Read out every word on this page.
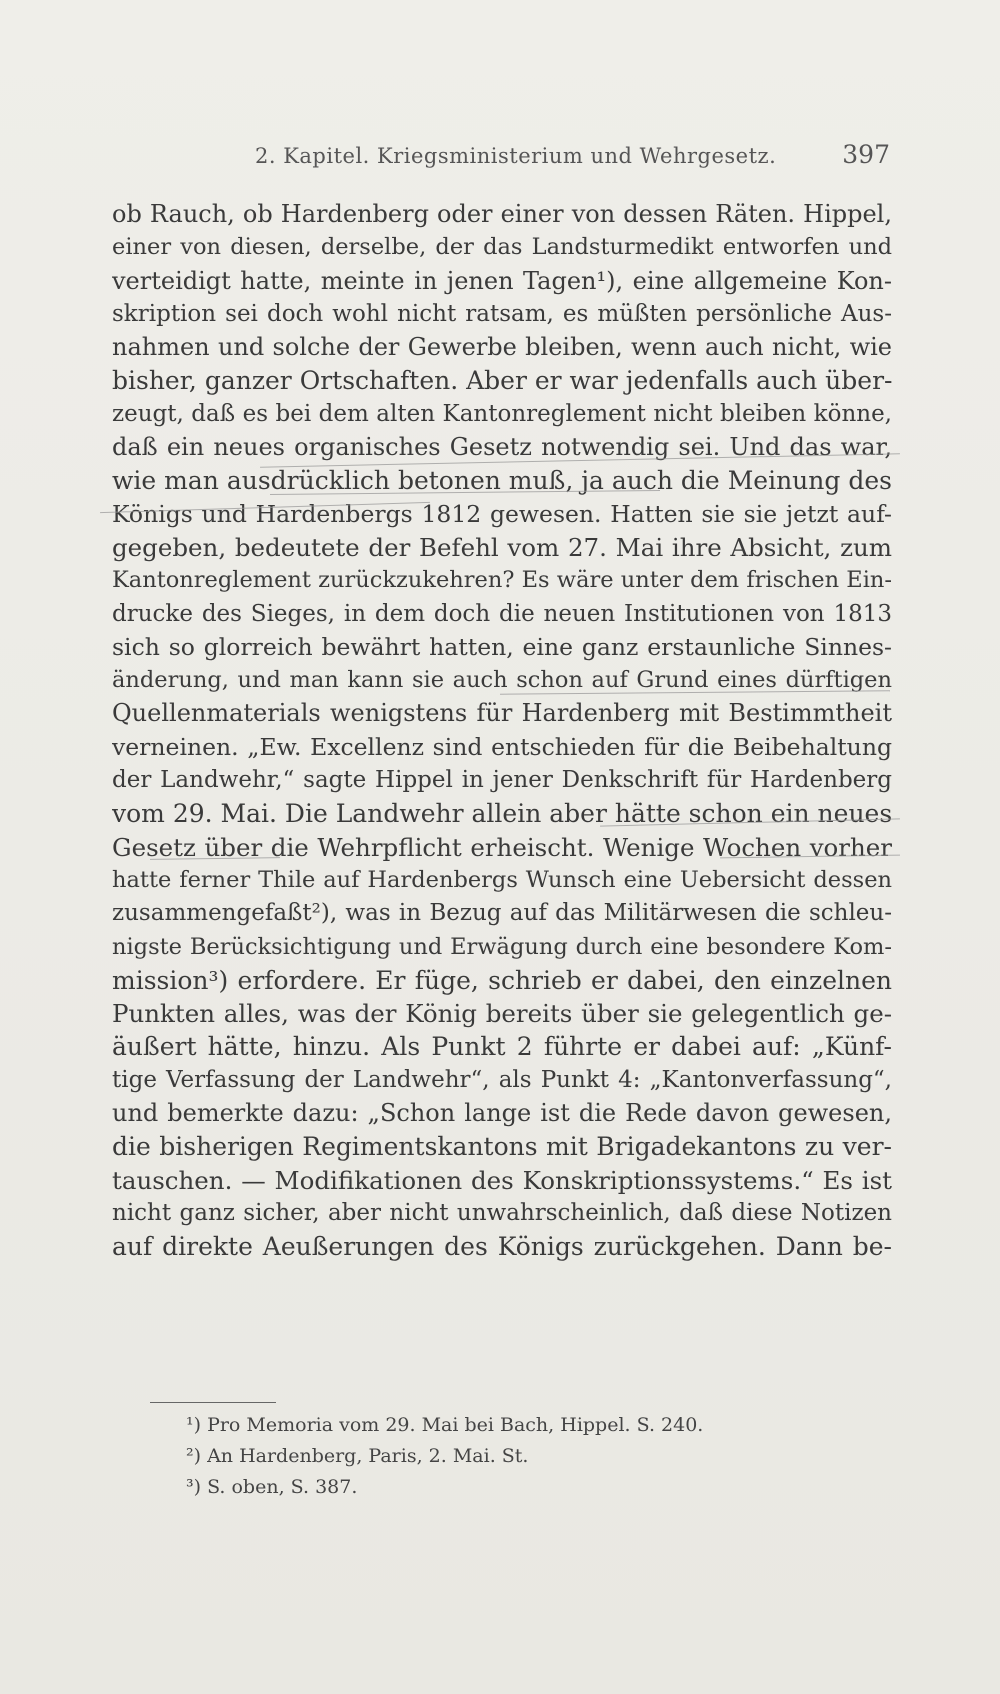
2. Kapitel. Kriegsministerium und Wehrgesetz.	397
ob Rauch, ob Hardenberg oder einer von dessen Räten. Hippel,
einer von diesen, derselbe, der das Landsturmedikt entworfen und
verteidigt hatte, meinte in jenen Tagen¹), eine allgemeine Kon-
skription sei doch wohl nicht ratsam, es müßten persönliche Aus-
nahmen und solche der Gewerbe bleiben, wenn auch nicht, wie
bisher, ganzer Ortschaften. Aber er war jedenfalls auch über-
zeugt, daß es bei dem alten Kantonreglement nicht bleiben könne,
daß ein neues organisches Gesetz notwendig sei. Und das war,
wie man ausdrücklich betonen muß, ja auch die Meinung des
Königs und Hardenbergs 1812 gewesen. Hatten sie sie jetzt auf-
gegeben, bedeutete der Befehl vom 27. Mai ihre Absicht, zum
Kantonreglement zurückzukehren? Es wäre unter dem frischen Ein-
drucke des Sieges, in dem doch die neuen Institutionen von 1813
sich so glorreich bewährt hatten, eine ganz erstaunliche Sinnes-
änderung, und man kann sie auch schon auf Grund eines dürftigen
Quellenmaterials wenigstens für Hardenberg mit Bestimmtheit
verneinen. „Ew. Excellenz sind entschieden für die Beibehaltung
der Landwehr,“ sagte Hippel in jener Denkschrift für Hardenberg
vom 29. Mai. Die Landwehr allein aber hätte schon ein neues
Gesetz über die Wehrpflicht erheischt. Wenige Wochen vorher
hatte ferner Thile auf Hardenbergs Wunsch eine Uebersicht dessen
zusammengefaßt²), was in Bezug auf das Militärwesen die schleu-
nigste Berücksichtigung und Erwägung durch eine besondere Kom-
mission³) erfordere. Er füge, schrieb er dabei, den einzelnen
Punkten alles, was der König bereits über sie gelegentlich ge-
äußert hätte, hinzu. Als Punkt 2 führte er dabei auf: „Künf-
tige Verfassung der Landwehr“, als Punkt 4: „Kantonverfassung“,
und bemerkte dazu: „Schon lange ist die Rede davon gewesen,
die bisherigen Regimentskantons mit Brigadekantons zu ver-
tauschen. — Modifikationen des Konskriptionssystems.“ Es ist
nicht ganz sicher, aber nicht unwahrscheinlich, daß diese Notizen
auf direkte Aeußerungen des Königs zurückgehen. Dann be-
¹) Pro Memoria vom 29. Mai bei Bach, Hippel. S. 240.
²) An Hardenberg, Paris, 2. Mai. St.
³) S. oben, S. 387.
